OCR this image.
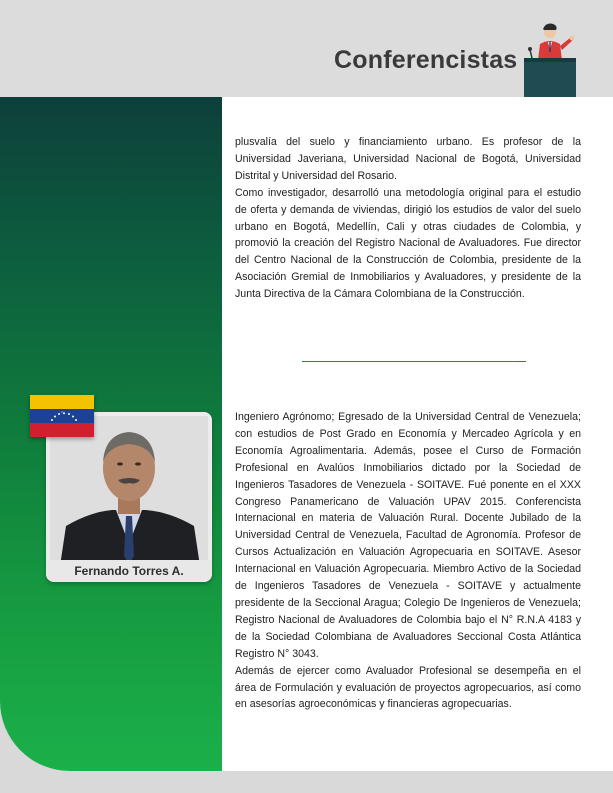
Conferencistas

plusvalía del suelo y financiamiento urbano. Es profesor de la Universidad Javeriana, Universidad Nacional de Bogotá, Universidad Distrital y Universidad del Rosario.

Como investigador, desarrolló una metodología original para el estudio de oferta y demanda de viviendas, dirigió los estudios de valor del suelo urbano en Bogotá, Medellín, Cali y otras ciudades de Colombia, y promovió la creación del Registro Nacional de Avaluadores. Fue director del Centro Nacional de la Construcción de Colombia, presidente de la Asociación Gremial de Inmobiliarios y Avaluadores, y presidente de la Junta Directiva de la Cámara Colombiana de la Construcción.

Fernando Torres A.

Ingeniero Agrónomo; Egresado de la Universidad Central de Venezuela; con estudios de Post Grado en Economía y Mercadeo Agrícola y en Economía Agroalimentaria. Además, posee el Curso de Formación Profesional en Avalúos Inmobiliarios dictado por la Sociedad de Ingenieros Tasadores de Venezuela - SOITAVE. Fué ponente en el XXX Congreso Panamericano de Valuación UPAV 2015. Conferencista Internacional en materia de Valuación Rural. Docente Jubilado de la Universidad Central de Venezuela, Facultad de Agronomía. Profesor de Cursos Actualización en Valuación Agropecuaria en SOITAVE. Asesor Internacional en Valuación Agropecuaria. Miembro Activo de la Sociedad de Ingenieros Tasadores de Venezuela - SOITAVE y actualmente presidente de la Seccional Aragua; Colegio De Ingenieros de Venezuela; Registro Nacional de Avaluadores de Colombia bajo el N° R.N.A 4183 y de la Sociedad Colombiana de Avaluadores Seccional Costa Atlántica Registro N° 3043.

Además de ejercer como Avaluador Profesional se desempeña en el área de Formulación y evaluación de proyectos agropecuarios, así como en asesorías agroeconómicas y financieras agropecuarias.
